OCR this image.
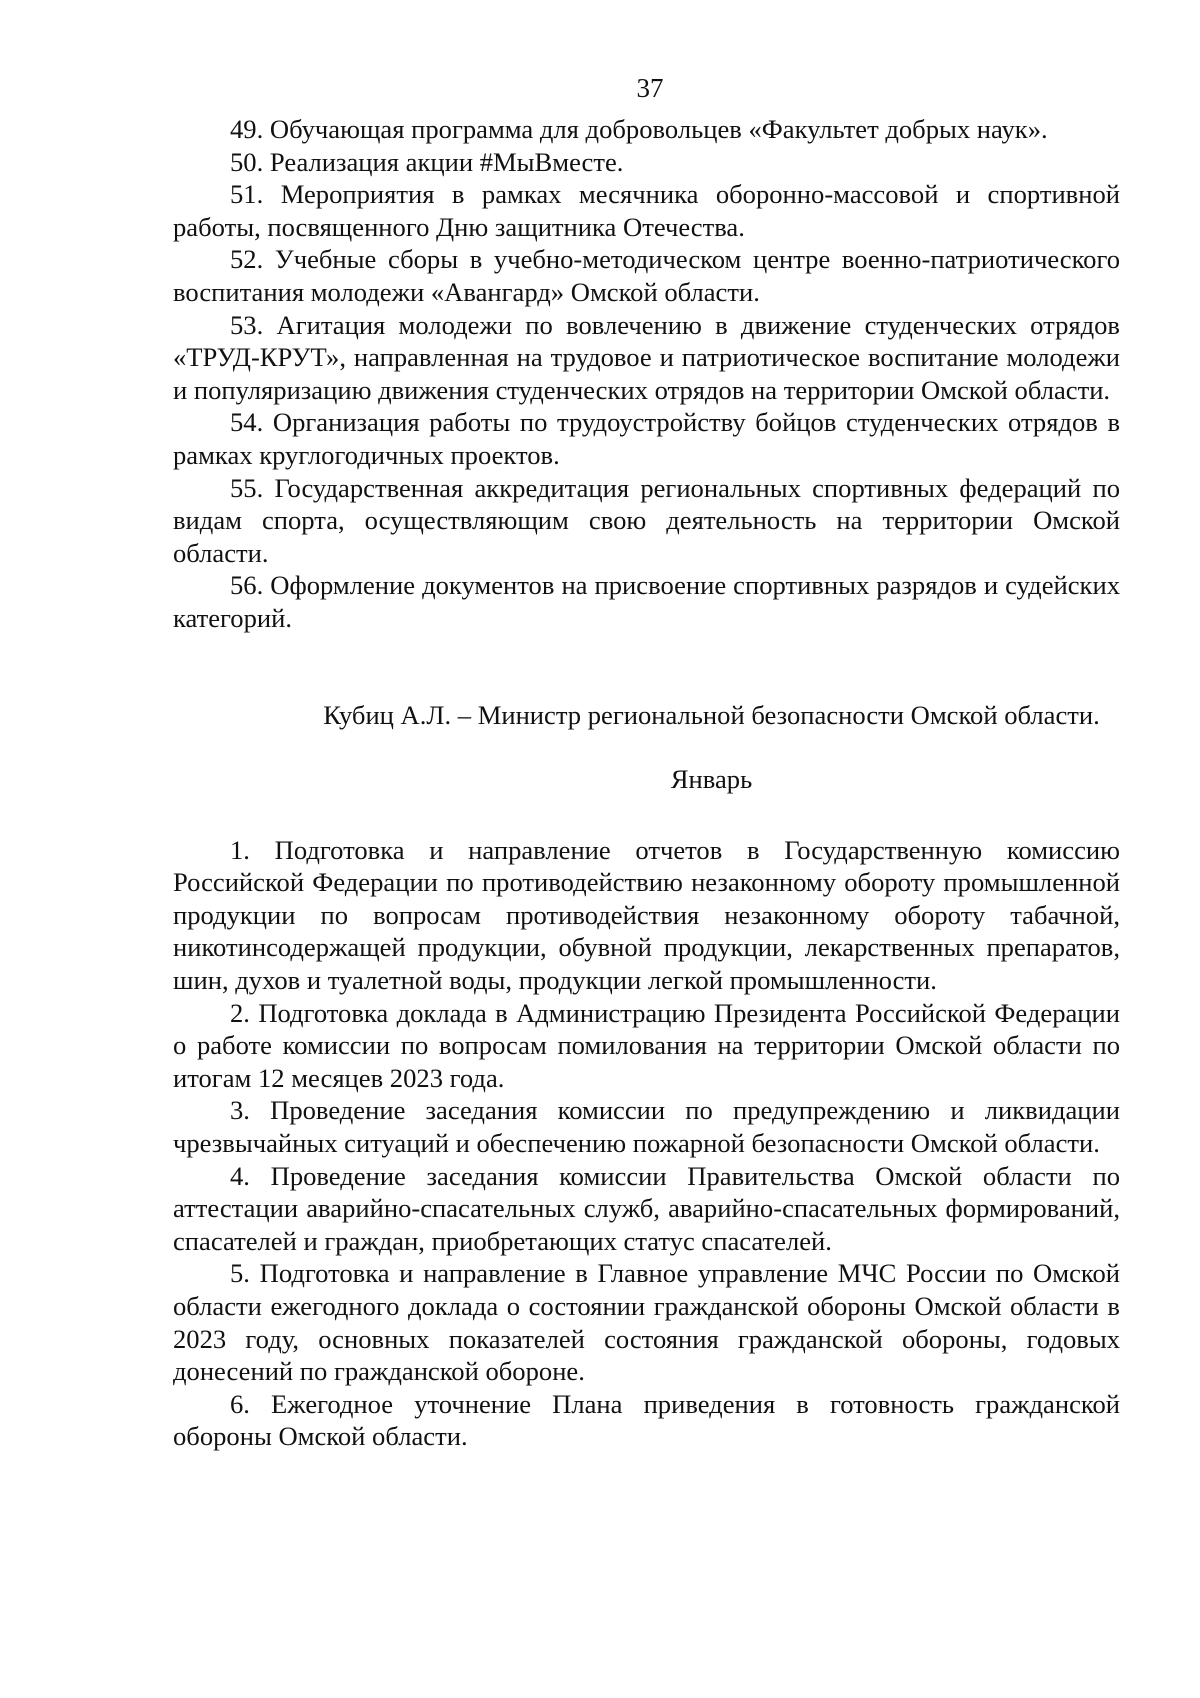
37

49. Обучающая программа для добровольцев «Факультет добрых наук».

50. Реализация акции #МыВместе.

51. Мероприятия в рамках месячника оборонно-массовой и спортивной работы, посвященного Дню защитника Отечества.

52. Учебные сборы в учебно-методическом центре военно-патриотического воспитания молодежи «Авангард» Омской области.

53. Агитация молодежи по вовлечению в движение студенческих отрядов «ТРУД-КРУТ», направленная на трудовое и патриотическое воспитание молодежи и популяризацию движения студенческих отрядов на территории Омской области.

54. Организация работы по трудоустройству бойцов студенческих отрядов в рамках круглогодичных проектов.

55. Государственная аккредитация региональных спортивных федераций по видам спорта, осуществляющим свою деятельность на территории Омской области.

56. Оформление документов на присвоение спортивных разрядов и судейских категорий.

Кубиц А.Л. – Министр региональной безопасности Омской области.

Январь

1. Подготовка и направление отчетов в Государственную комиссию Российской Федерации по противодействию незаконному обороту промышленной продукции по вопросам противодействия незаконному обороту табачной, никотинсодержащей продукции, обувной продукции, лекарственных препаратов, шин, духов и туалетной воды, продукции легкой промышленности.

2. Подготовка доклада в Администрацию Президента Российской Федерации о работе комиссии по вопросам помилования на территории Омской области по итогам 12 месяцев 2023 года.

3. Проведение заседания комиссии по предупреждению и ликвидации чрезвычайных ситуаций и обеспечению пожарной безопасности Омской области.

4. Проведение заседания комиссии Правительства Омской области по аттестации аварийно-спасательных служб, аварийно-спасательных формирований, спасателей и граждан, приобретающих статус спасателей.

5. Подготовка и направление в Главное управление МЧС России по Омской области ежегодного доклада о состоянии гражданской обороны Омской области в 2023 году, основных показателей состояния гражданской обороны, годовых донесений по гражданской обороне.

6. Ежегодное уточнение Плана приведения в готовность гражданской обороны Омской области.
